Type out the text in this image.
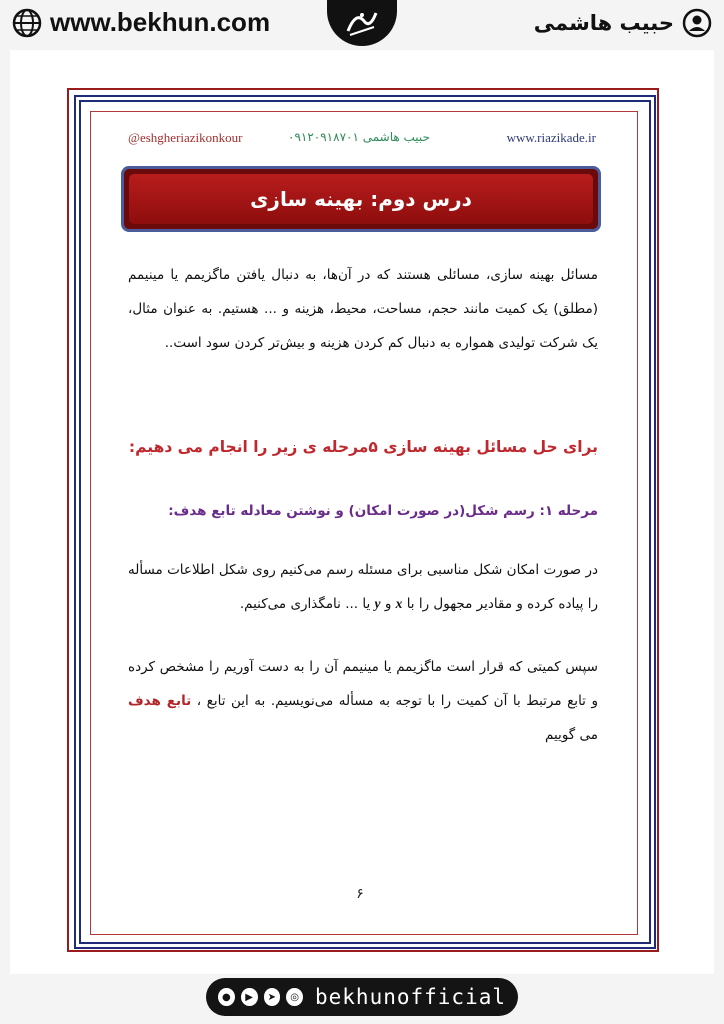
www.bekhun.com	حبیب هاشمی
@eshgheriazikonkour	حبیب هاشمی ۰۹۱۲۰۹۱۸۷۰۱	www.riazikade.ir
درس دوم: بهینه سازی
مسائل بهینه سازی، مسائلی هستند که در آن‌ها، به دنبال یافتن ماگزیمم یا مینیمم (مطلق) یک کمیت مانند حجم، مساحت، محیط، هزینه و ... هستیم. به عنوان مثال، یک شرکت تولیدی همواره به دنبال کم کردن هزینه و بیش‌تر کردن سود است..
برای حل مسائل بهینه سازی ۵مرحله ی زیر را انجام می دهیم:
مرحله ۱: رسم شکل(در صورت امکان) و نوشتن معادله تابع هدف:
در صورت امکان شکل مناسبی برای مسئله رسم می‌کنیم روی شکل اطلاعات مسأله را پیاده کرده و مقادیر مجهول را با x و y یا ... نامگذاری می‌کنیم.
سپس کمیتی که قرار است ماگزیمم یا مینیمم آن را به دست آوریم را مشخص کرده و تابع مرتبط با آن کمیت را با توجه به مسأله می‌نویسیم. به این تابع ، تابع هدف می گوییم
۶
●	▶	➤	◎ bekhunofficial
